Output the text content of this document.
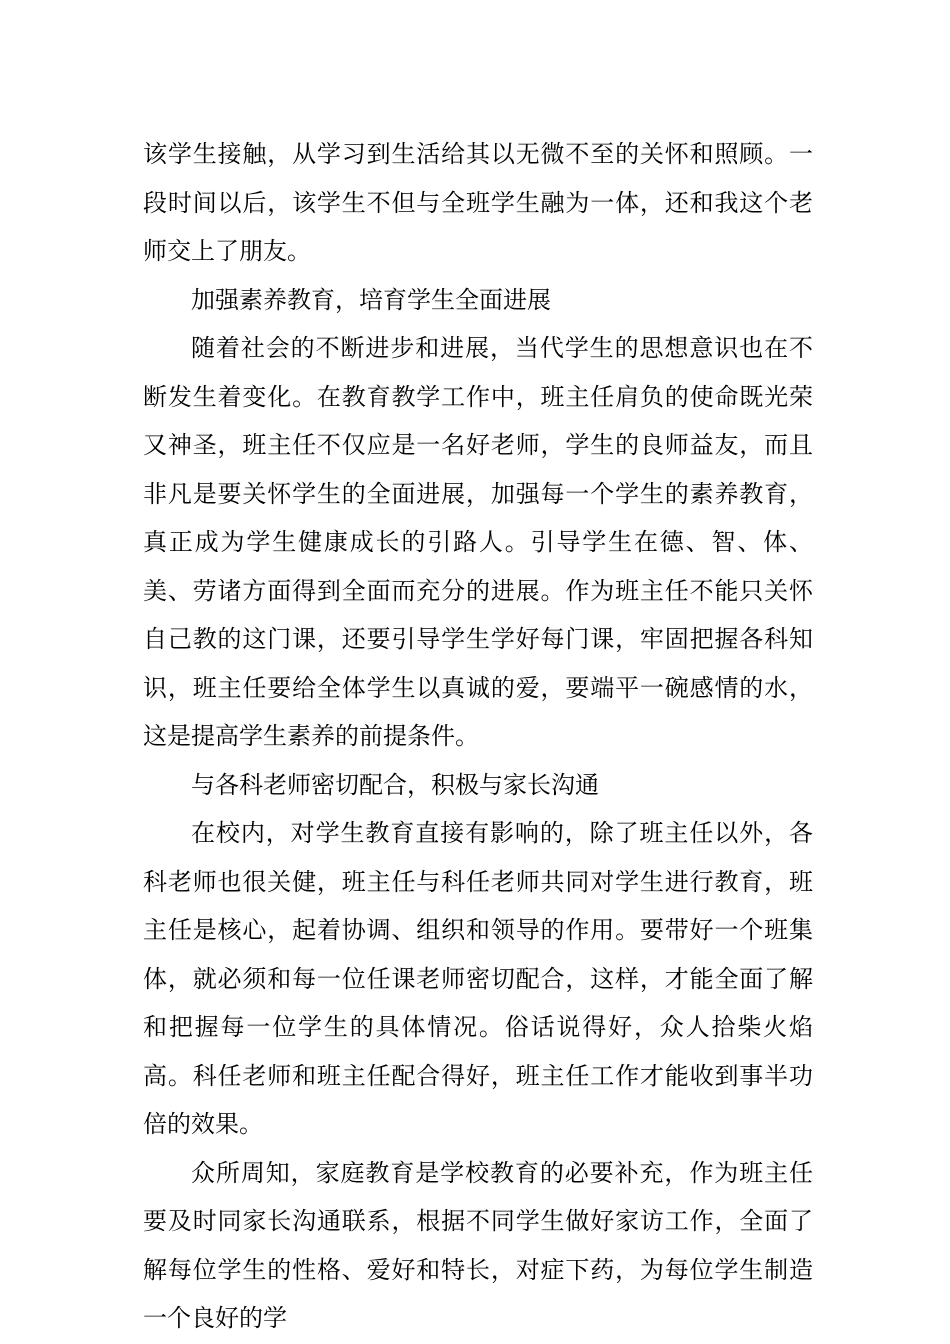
该学生接触，从学习到生活给其以无微不至的关怀和照顾。一段时间以后，该学生不但与全班学生融为一体，还和我这个老师交上了朋友。

加强素养教育，培育学生全面进展

随着社会的不断进步和进展，当代学生的思想意识也在不断发生着变化。在教育教学工作中，班主任肩负的使命既光荣又神圣，班主任不仅应是一名好老师，学生的良师益友，而且非凡是要关怀学生的全面进展，加强每一个学生的素养教育，真正成为学生健康成长的引路人。引导学生在德、智、体、美、劳诸方面得到全面而充分的进展。作为班主任不能只关怀自己教的这门课，还要引导学生学好每门课，牢固把握各科知识，班主任要给全体学生以真诚的爱，要端平一碗感情的水，这是提高学生素养的前提条件。

与各科老师密切配合，积极与家长沟通

在校内，对学生教育直接有影响的，除了班主任以外，各科老师也很关健，班主任与科任老师共同对学生进行教育，班主任是核心，起着协调、组织和领导的作用。要带好一个班集体，就必须和每一位任课老师密切配合，这样，才能全面了解和把握每一位学生的具体情况。俗话说得好，众人拾柴火焰高。科任老师和班主任配合得好，班主任工作才能收到事半功倍的效果。

众所周知，家庭教育是学校教育的必要补充，作为班主任要及时同家长沟通联系，根据不同学生做好家访工作，全面了解每位学生的性格、爱好和特长，对症下药，为每位学生制造一个良好的学
